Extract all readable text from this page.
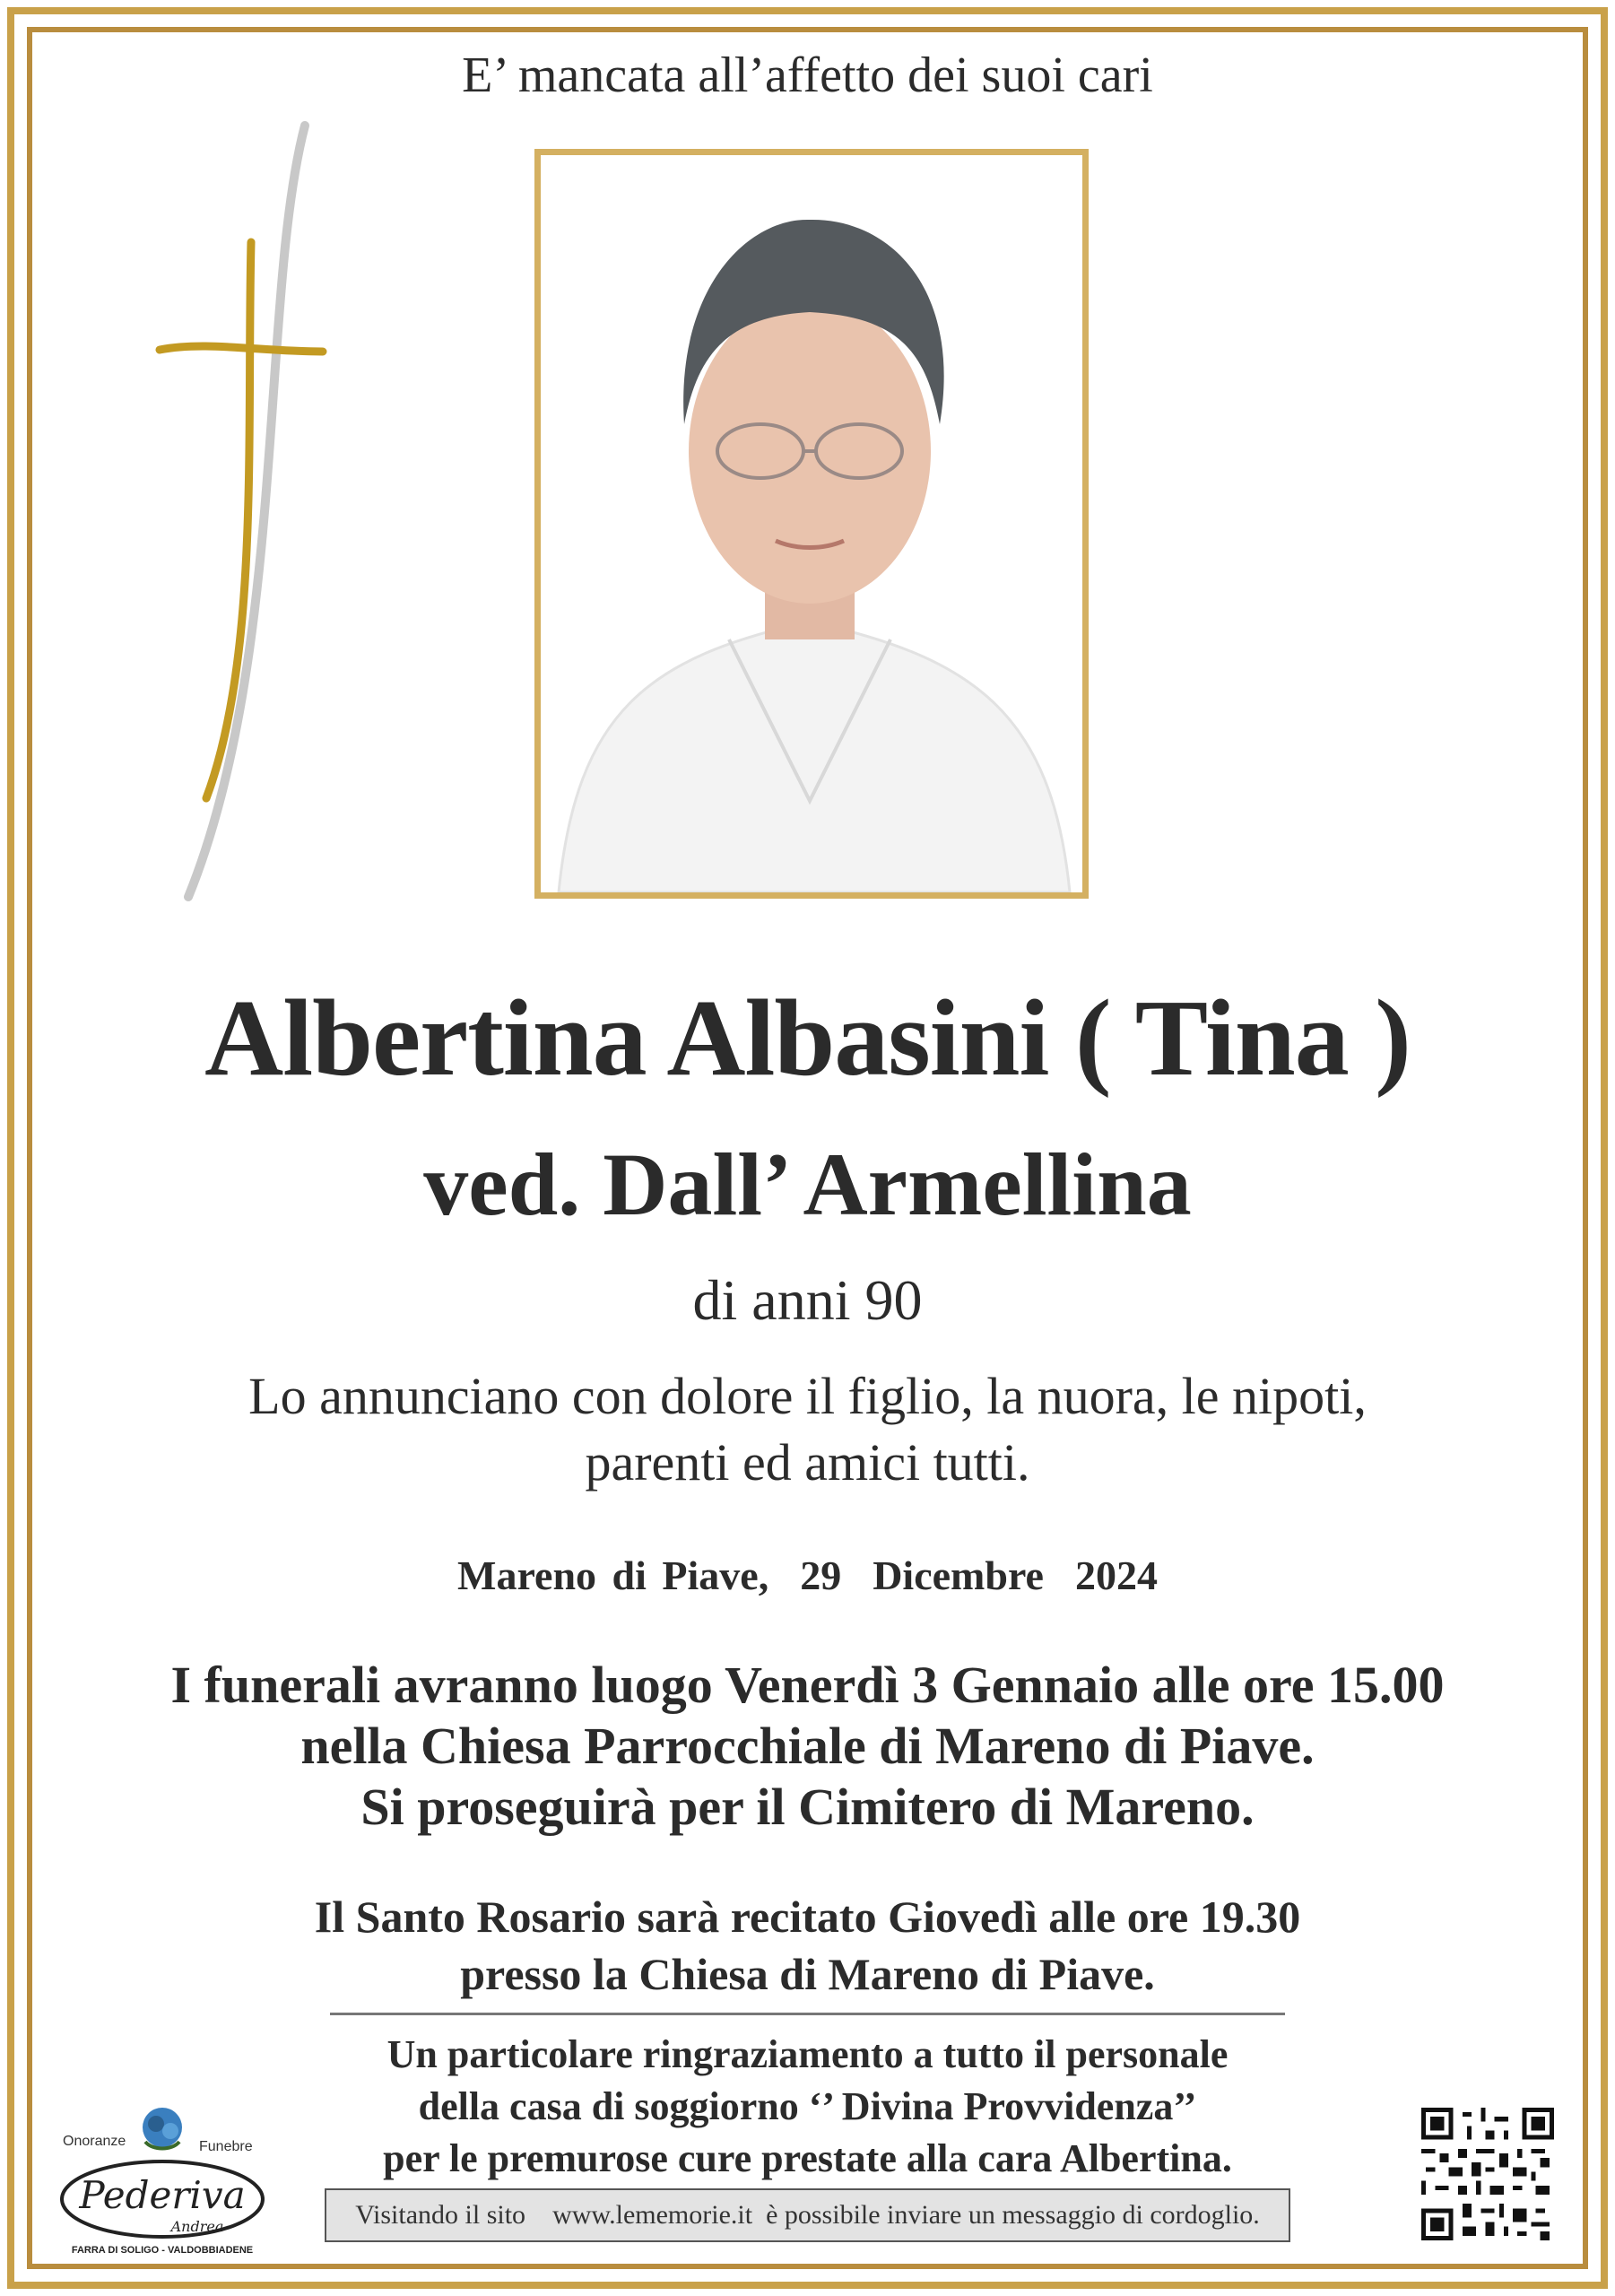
E’ mancata all’affetto dei suoi cari
Albertina Albasini ( Tina )
ved. Dall’ Armellina
di anni 90
Lo annunciano con dolore il figlio, la nuora, le nipoti,
parenti ed amici tutti.
Mareno di Piave,  29  Dicembre  2024
I funerali avranno luogo Venerdì 3 Gennaio alle ore 15.00
nella Chiesa Parrocchiale di Mareno di Piave.
Si proseguirà per il Cimitero di Mareno.
Il Santo Rosario sarà recitato Giovedì alle ore 19.30
presso la Chiesa di Mareno di Piave.
Un particolare ringraziamento a tutto il personale
della casa di soggiorno ‘’ Divina Provvidenza’’
per le premurose cure prestate alla cara Albertina.
Visitando il sito
www.lememorie.it
è possibile inviare un messaggio di cordoglio.
Onoranze	Funebre
Pederiva
Andrea
FARRA DI SOLIGO - VALDOBBIADENE
